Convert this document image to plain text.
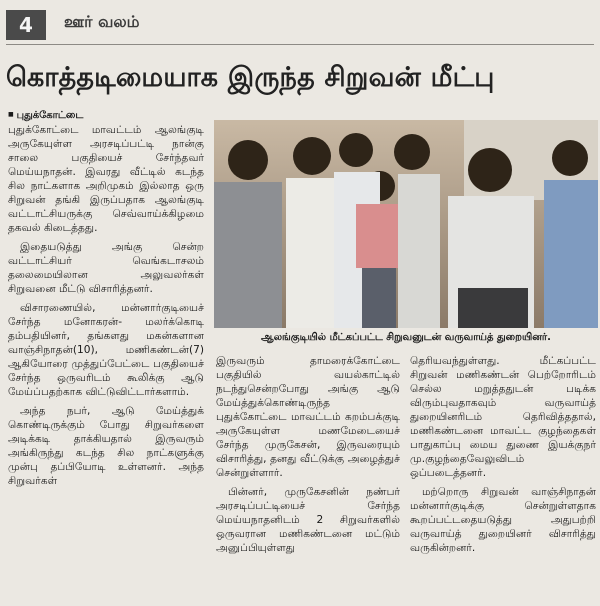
4	ஊர் வலம்
கொத்தடிமையாக இருந்த சிறுவன் மீட்பு
■ புதுக்கோட்டை

புதுக்கோட்டை மாவட்டம் ஆலங்குடி அருகேயுள்ள அரசடிப்பட்டி நான்கு சாலை பகுதியைச் சேர்ந்தவர் மெய்யநாதன். இவரது வீட்டில் கடந்த சில நாட்களாக அறிமுகம் இல்லாத ஒரு சிறுவன் தங்கி இருப்பதாக ஆலங்குடி வட்டாட்சியருக்கு செவ்வாய்க்கிழமை தகவல் கிடைத்தது.

இதையடுத்து அங்கு சென்ற வட்டாட்சியர் வெங்கடாசலம் தலைமையிலான அலுவலர்கள் சிறுவனை மீட்டு விசாரித்தனர்.

விசாரணையில், மன்னார்குடியைச் சேர்ந்த மனோகரன்- மலர்க்கொடி தம்பதியினர், தங்களது மகன்களான வாஞ்சிநாதன்(10), மணிகண்டன்(7) ஆகியோரை முத்துப்பேட்டை பகுதியைச் சேர்ந்த ஒருவரிடம் கூலிக்கு ஆடு மேய்ப்பதற்காக விட்டுவிட்டார்களாம்.

அந்த நபர், ஆடு மேய்த்துக் கொண்டிருக்கும் போது சிறுவர்களை அடிக்கடி தாக்கியதால் இருவரும் அங்கிருந்து கடந்த சில நாட்களுக்கு முன்பு தப்பியோடி உள்ளனர். அந்த சிறுவர்கள்

ஆலங்குடியில் மீட்கப்பட்ட சிறுவனுடன் வருவாய்த் துறையினர்.

இருவரும் தாமரைக்கோட்டை பகுதியில் வயல்காட்டில் நடந்துசென்றபோது அங்கு ஆடு மேய்த்துக்கொண்டிருந்த புதுக்கோட்டை மாவட்டம் கறம்பக்குடி அருகேயுள்ள மணமேடையைச் சேர்ந்த முருகேசன், இருவரையும் விசாரித்து, தனது வீட்டுக்கு அழைத்துச் சென்றுள்ளார்.

பின்னர், முருகேசனின் நண்பர் அரசடிப்பட்டியைச் சேர்ந்த மெய்யநாதனிடம் 2 சிறுவர்களில் ஒருவரான மணிகண்டனை மட்டும் அனுப்பியுள்ளது

தெரியவந்துள்ளது. மீட்கப்பட்ட சிறுவன் மணிகண்டன் பெற்றோரிடம் செல்ல மறுத்ததுடன் படிக்க விரும்புவதாகவும் வருவாய்த் துறையினரிடம் தெரிவித்ததால், மணிகண்டனை மாவட்ட குழந்தைகள் பாதுகாப்பு மைய துணை இயக்குநர் மு.குழந்தைவேலுவிடம் ஒப்படைத்தனர்.

மற்றொரு சிறுவன் வாஞ்சிநாதன் மன்னார்குடிக்கு சென்றுள்ளதாக கூறப்பட்டதையடுத்து அதுபற்றி வருவாய்த் துறையினர் விசாரித்து வருகின்றனர்.
